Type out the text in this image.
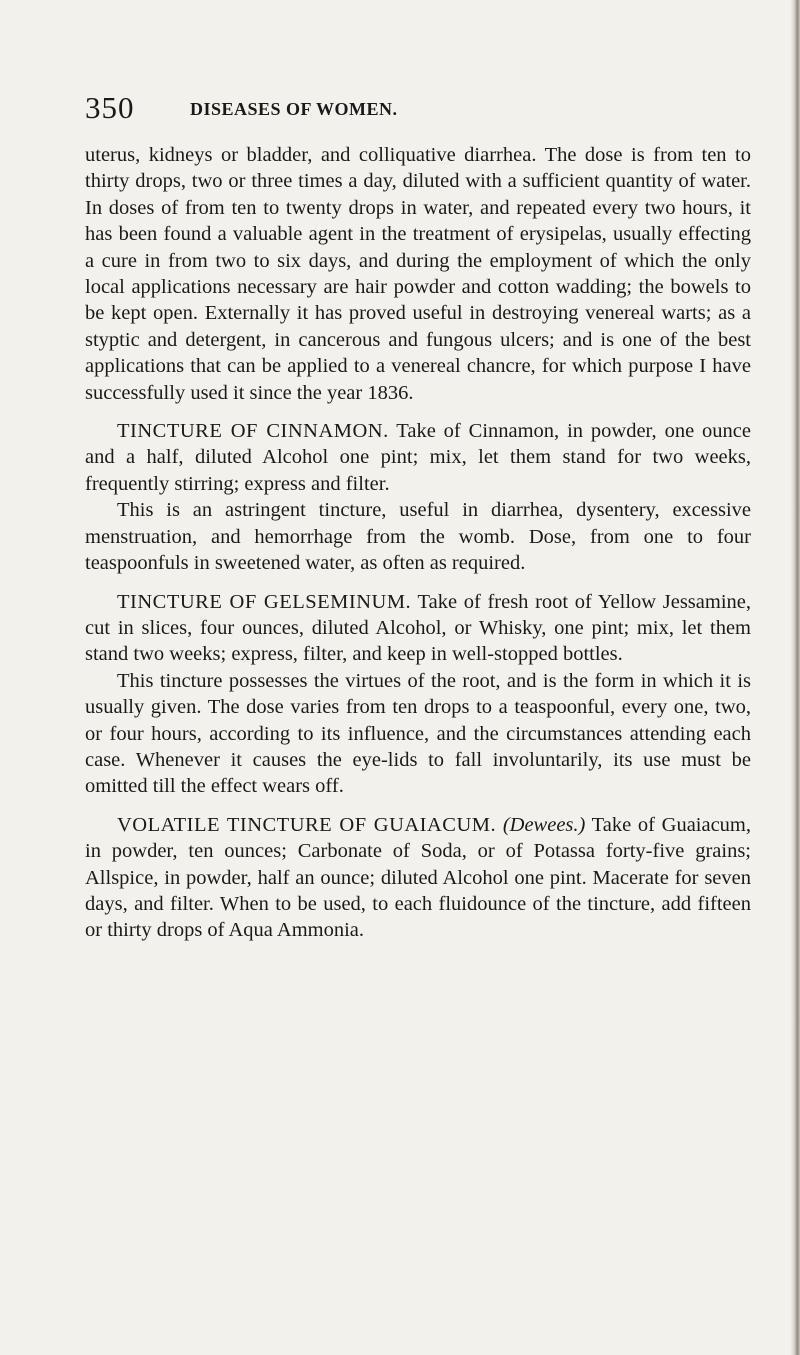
350	DISEASES OF WOMEN.

uterus, kidneys or bladder, and colliquative diarrhea. The dose is from ten to thirty drops, two or three times a day, diluted with a sufficient quantity of water. In doses of from ten to twenty drops in water, and repeated every two hours, it has been found a valuable agent in the treatment of erysipelas, usually effecting a cure in from two to six days, and during the employment of which the only local applications necessary are hair powder and cotton wadding; the bowels to be kept open. Externally it has proved useful in destroying venereal warts; as a styptic and detergent, in cancerous and fungous ulcers; and is one of the best applications that can be applied to a venereal chancre, for which purpose I have successfully used it since the year 1836.

TINCTURE OF CINNAMON. Take of Cinnamon, in powder, one ounce and a half, diluted Alcohol one pint; mix, let them stand for two weeks, frequently stirring; express and filter.

This is an astringent tincture, useful in diarrhea, dysentery, excessive menstruation, and hemorrhage from the womb. Dose, from one to four teaspoonfuls in sweetened water, as often as required.

TINCTURE OF GELSEMINUM. Take of fresh root of Yellow Jessamine, cut in slices, four ounces, diluted Alcohol, or Whisky, one pint; mix, let them stand two weeks; express, filter, and keep in well-stopped bottles.

This tincture possesses the virtues of the root, and is the form in which it is usually given. The dose varies from ten drops to a teaspoonful, every one, two, or four hours, according to its influence, and the circumstances attending each case. Whenever it causes the eye-lids to fall involuntarily, its use must be omitted till the effect wears off.

VOLATILE TINCTURE OF GUAIACUM. (Dewees.) Take of Guaiacum, in powder, ten ounces; Carbonate of Soda, or of Potassa forty-five grains; Allspice, in powder, half an ounce; diluted Alcohol one pint. Macerate for seven days, and filter. When to be used, to each fluidounce of the tincture, add fifteen or thirty drops of Aqua Ammonia.
